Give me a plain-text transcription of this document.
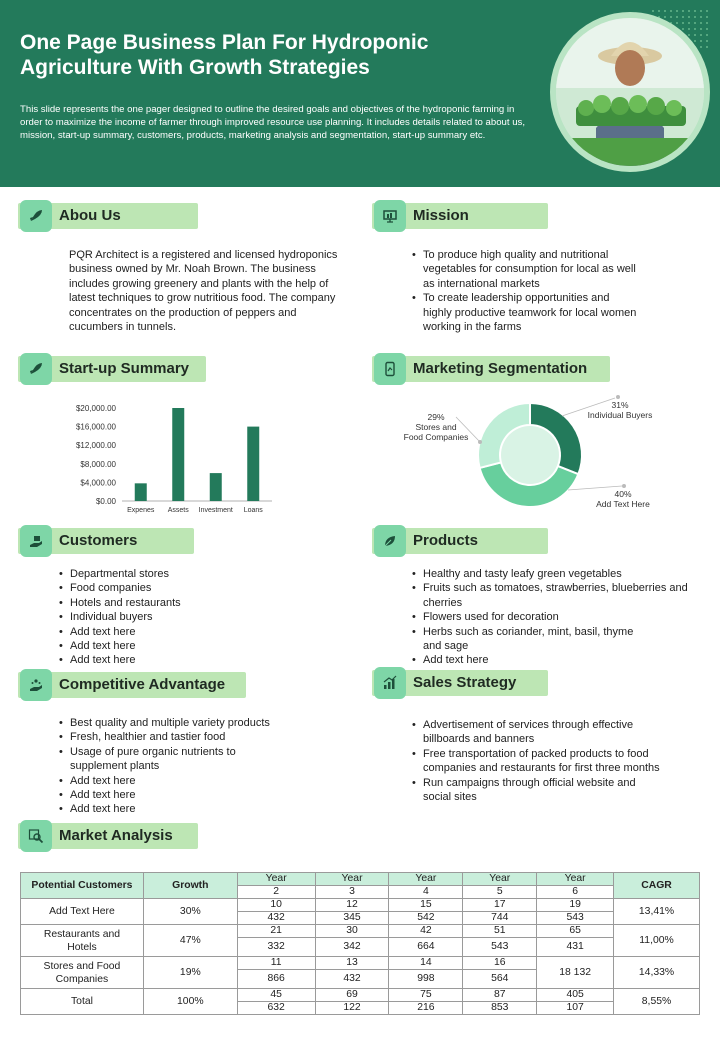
One Page Business Plan For Hydroponic Agriculture With Growth Strategies
This slide represents the one pager designed to outline the desired goals and objectives of the hydroponic farming in order to maximize the income of farmer through improved resource use planning. It includes details related to about us, mission, start-up summary, customers, products, marketing analysis and segmentation, start-up summary etc.
Abou Us
PQR Architect is a registered and licensed hydroponics business owned by Mr. Noah Brown. The business includes growing greenery and plants with the help of latest techniques to grow nutritious food. The company concentrates on the production of peppers and cucumbers in tunnels.
Mission
• To produce high quality and nutritional vegetables for consumption for local as well as international markets
• To create leadership opportunities and highly productive teamwork for local women working in the farms
Start-up Summary
$20,000.00
$16,000.00
$12,000.00
$8,000.00
$4,000.00
$0.00
Expenes Assets Investment Loans
Marketing Segmentation
31%
Individual Buyers
40%
Add Text Here
29%
Stores and
Food Companies
Customers
• Departmental stores
• Food companies
• Hotels and restaurants
• Individual buyers
• Add text here
• Add text here
• Add text here
Products
• Healthy and tasty leafy green vegetables
• Fruits such as tomatoes, strawberries, blueberries and cherries
• Flowers used for decoration
• Herbs such as coriander, mint, basil, thyme and sage
• Add text here
Competitive Advantage
• Best quality and multiple variety products
• Fresh, healthier and tastier food
• Usage of pure organic nutrients to supplement plants
• Add text here
• Add text here
• Add text here
Sales Strategy
• Advertisement of services through effective billboards and banners
• Free transportation of packed products to food companies and restaurants for first three months
• Run campaigns through official website and social sites
Market Analysis
Potential Customers	Growth	Year	Year	Year	Year	Year	CAGR
		2	3	4	5	6	
Add Text Here	30%	10	12	15	17	19	13,41%
		432	345	542	744	543	
Restaurants and Hotels	47%	21	30	42	51	65	11,00%
		332	342	664	543	431	
Stores and Food Companies	19%	11	13	14	16	18 132	14,33%
		866	432	998	564		
Total	100%	45	69	75	87	405	8,55%
		632	122	216	853	107	
